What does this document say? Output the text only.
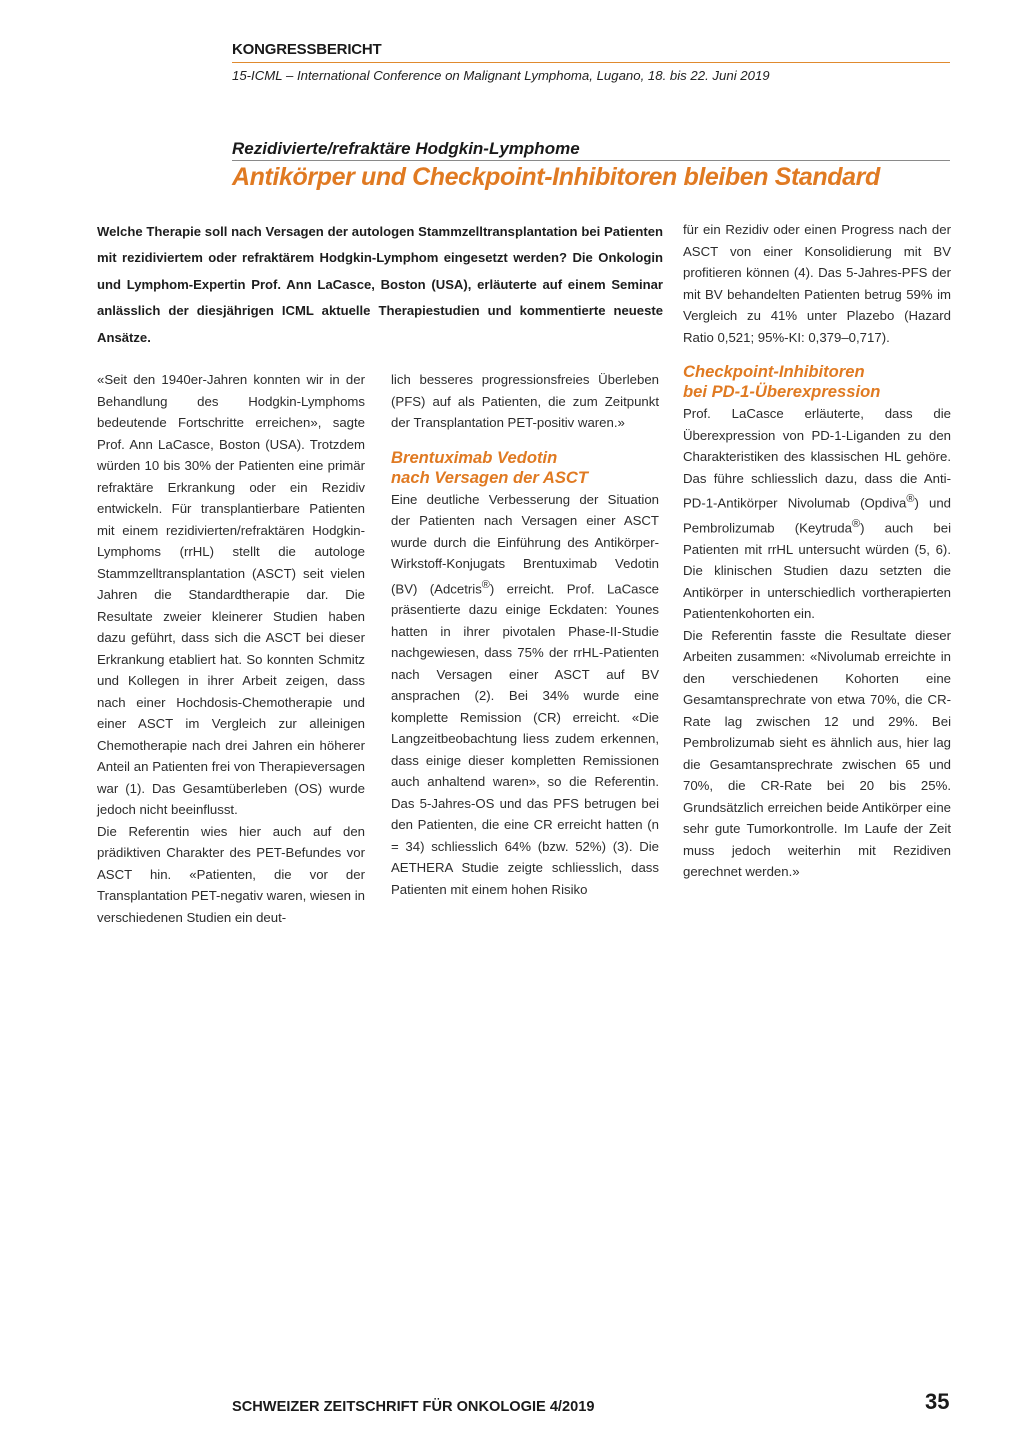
KONGRESSBERICHT
15-ICML – International Conference on Malignant Lymphoma, Lugano, 18. bis 22. Juni 2019
Rezidivierte/refraktäre Hodgkin-Lymphome
Antikörper und Checkpoint-Inhibitoren bleiben Standard

Welche Therapie soll nach Versagen der autologen Stammzelltransplantation bei Patienten mit rezidiviertem oder refraktärem Hodgkin-Lymphom eingesetzt werden? Die Onkologin und Lymphom-Expertin Prof. Ann LaCasce, Boston (USA), erläuterte auf einem Seminar anlässlich der diesjährigen ICML aktuelle Therapiestudien und kommentierte neueste Ansätze.

«Seit den 1940er-Jahren konnten wir in der Behandlung des Hodgkin-Lymphoms bedeutende Fortschritte erreichen», sagte Prof. Ann LaCasce, Boston (USA). Trotzdem würden 10 bis 30% der Patienten eine primär refraktäre Erkrankung oder ein Rezidiv entwickeln. Für transplantierbare Patienten mit einem rezidivierten/refraktären Hodgkin-Lymphoms (rrHL) stellt die autologe Stammzelltransplantation (ASCT) seit vielen Jahren die Standardtherapie dar. Die Resultate zweier kleinerer Studien haben dazu geführt, dass sich die ASCT bei dieser Erkrankung etabliert hat. So konnten Schmitz und Kollegen in ihrer Arbeit zeigen, dass nach einer Hochdosis-Chemotherapie und einer ASCT im Vergleich zur alleinigen Chemotherapie nach drei Jahren ein höherer Anteil an Patienten frei von Therapieversagen war (1). Das Gesamtüberleben (OS) wurde jedoch nicht beeinflusst.

Die Referentin wies hier auch auf den prädiktiven Charakter des PET-Befundes vor ASCT hin. «Patienten, die vor der Transplantation PET-negativ waren, wiesen in verschiedenen Studien ein deut-

lich besseres progressionsfreies Überleben (PFS) auf als Patienten, die zum Zeitpunkt der Transplantation PET-positiv waren.»

Brentuximab Vedotin
nach Versagen der ASCT

Eine deutliche Verbesserung der Situation der Patienten nach Versagen einer ASCT wurde durch die Einführung des Antikörper-Wirkstoff-Konjugats Brentuximab Vedotin (BV) (Adcetris®) erreicht. Prof. LaCasce präsentierte dazu einige Eckdaten: Younes hatten in ihrer pivotalen Phase-II-Studie nachgewiesen, dass 75% der rrHL-Patienten nach Versagen einer ASCT auf BV ansprachen (2). Bei 34% wurde eine komplette Remission (CR) erreicht. «Die Langzeitbeobachtung liess zudem erkennen, dass einige dieser kompletten Remissionen auch anhaltend waren», so die Referentin. Das 5-Jahres-OS und das PFS betrugen bei den Patienten, die eine CR erreicht hatten (n = 34) schliesslich 64% (bzw. 52%) (3). Die AETHERA Studie zeigte schliesslich, dass Patienten mit einem hohen Risiko

für ein Rezidiv oder einen Progress nach der ASCT von einer Konsolidierung mit BV profitieren können (4). Das 5-Jahres-PFS der mit BV behandelten Patienten betrug 59% im Vergleich zu 41% unter Plazebo (Hazard Ratio 0,521; 95%-KI: 0,379–0,717).

Checkpoint-Inhibitoren
bei PD-1-Überexpression

Prof. LaCasce erläuterte, dass die Überexpression von PD-1-Liganden zu den Charakteristiken des klassischen HL gehöre. Das führe schliesslich dazu, dass die Anti-PD-1-Antikörper Nivolumab (Opdiva®) und Pembrolizumab (Keytruda®) auch bei Patienten mit rrHL untersucht würden (5, 6). Die klinischen Studien dazu setzten die Antikörper in unterschiedlich vortherapierten Patientenkohorten ein.

Die Referentin fasste die Resultate dieser Arbeiten zusammen: «Nivolumab erreichte in den verschiedenen Kohorten eine Gesamtansprechrate von etwa 70%, die CR-Rate lag zwischen 12 und 29%. Bei Pembrolizumab sieht es ähnlich aus, hier lag die Gesamtansprechrate zwischen 65 und 70%, die CR-Rate bei 20 bis 25%. Grundsätzlich erreichen beide Antikörper eine sehr gute Tumorkontrolle. Im Laufe der Zeit muss jedoch weiterhin mit Rezidiven gerechnet werden.»

SCHWEIZER ZEITSCHRIFT FÜR ONKOLOGIE 4/2019	35
